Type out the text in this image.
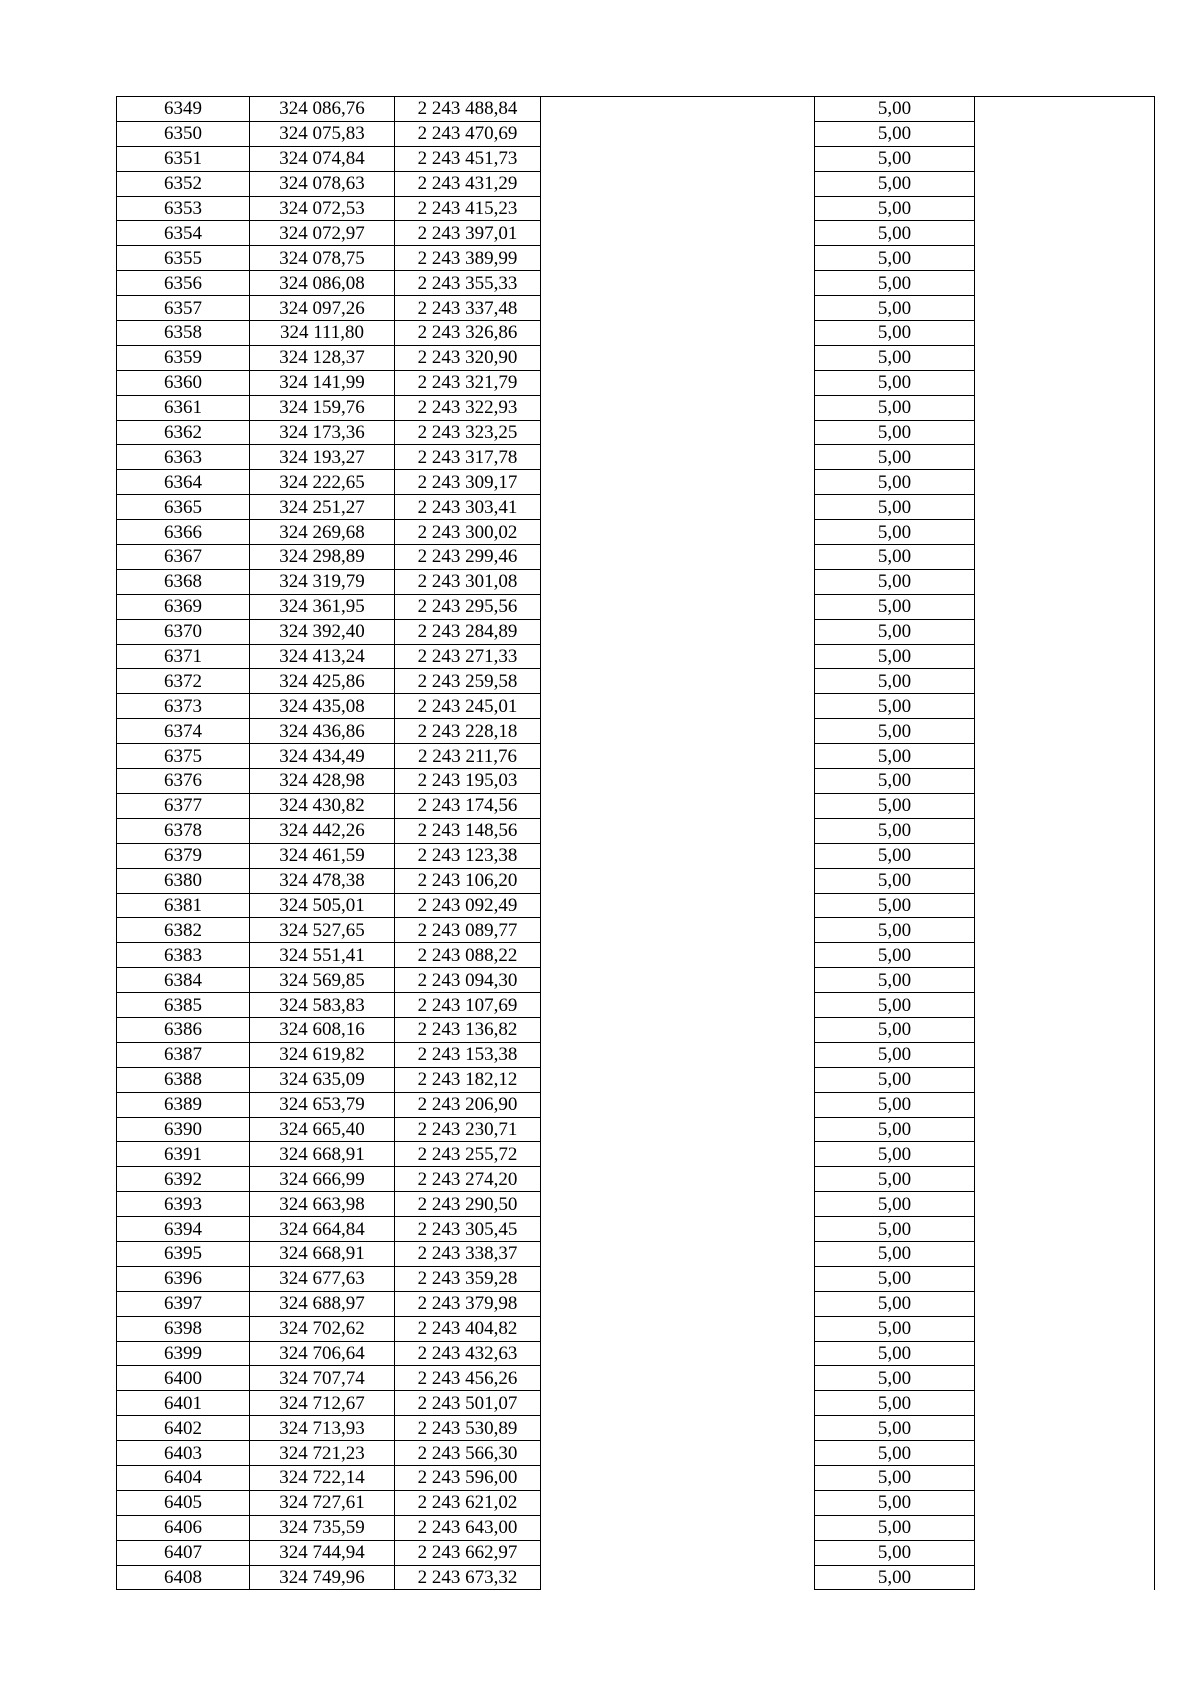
6349	324 086,76	2 243 488,84		5,00	
6350	324 075,83	2 243 470,69		5,00	
6351	324 074,84	2 243 451,73		5,00	
6352	324 078,63	2 243 431,29		5,00	
6353	324 072,53	2 243 415,23		5,00	
6354	324 072,97	2 243 397,01		5,00	
6355	324 078,75	2 243 389,99		5,00	
6356	324 086,08	2 243 355,33		5,00	
6357	324 097,26	2 243 337,48		5,00	
6358	324 111,80	2 243 326,86		5,00	
6359	324 128,37	2 243 320,90		5,00	
6360	324 141,99	2 243 321,79		5,00	
6361	324 159,76	2 243 322,93		5,00	
6362	324 173,36	2 243 323,25		5,00	
6363	324 193,27	2 243 317,78		5,00	
6364	324 222,65	2 243 309,17		5,00	
6365	324 251,27	2 243 303,41		5,00	
6366	324 269,68	2 243 300,02		5,00	
6367	324 298,89	2 243 299,46		5,00	
6368	324 319,79	2 243 301,08		5,00	
6369	324 361,95	2 243 295,56		5,00	
6370	324 392,40	2 243 284,89		5,00	
6371	324 413,24	2 243 271,33		5,00	
6372	324 425,86	2 243 259,58		5,00	
6373	324 435,08	2 243 245,01		5,00	
6374	324 436,86	2 243 228,18		5,00	
6375	324 434,49	2 243 211,76		5,00	
6376	324 428,98	2 243 195,03		5,00	
6377	324 430,82	2 243 174,56		5,00	
6378	324 442,26	2 243 148,56		5,00	
6379	324 461,59	2 243 123,38		5,00	
6380	324 478,38	2 243 106,20		5,00	
6381	324 505,01	2 243 092,49		5,00	
6382	324 527,65	2 243 089,77		5,00	
6383	324 551,41	2 243 088,22		5,00	
6384	324 569,85	2 243 094,30		5,00	
6385	324 583,83	2 243 107,69		5,00	
6386	324 608,16	2 243 136,82		5,00	
6387	324 619,82	2 243 153,38		5,00	
6388	324 635,09	2 243 182,12		5,00	
6389	324 653,79	2 243 206,90		5,00	
6390	324 665,40	2 243 230,71		5,00	
6391	324 668,91	2 243 255,72		5,00	
6392	324 666,99	2 243 274,20		5,00	
6393	324 663,98	2 243 290,50		5,00	
6394	324 664,84	2 243 305,45		5,00	
6395	324 668,91	2 243 338,37		5,00	
6396	324 677,63	2 243 359,28		5,00	
6397	324 688,97	2 243 379,98		5,00	
6398	324 702,62	2 243 404,82		5,00	
6399	324 706,64	2 243 432,63		5,00	
6400	324 707,74	2 243 456,26		5,00	
6401	324 712,67	2 243 501,07		5,00	
6402	324 713,93	2 243 530,89		5,00	
6403	324 721,23	2 243 566,30		5,00	
6404	324 722,14	2 243 596,00		5,00	
6405	324 727,61	2 243 621,02		5,00	
6406	324 735,59	2 243 643,00		5,00	
6407	324 744,94	2 243 662,97		5,00	
6408	324 749,96	2 243 673,32		5,00	
